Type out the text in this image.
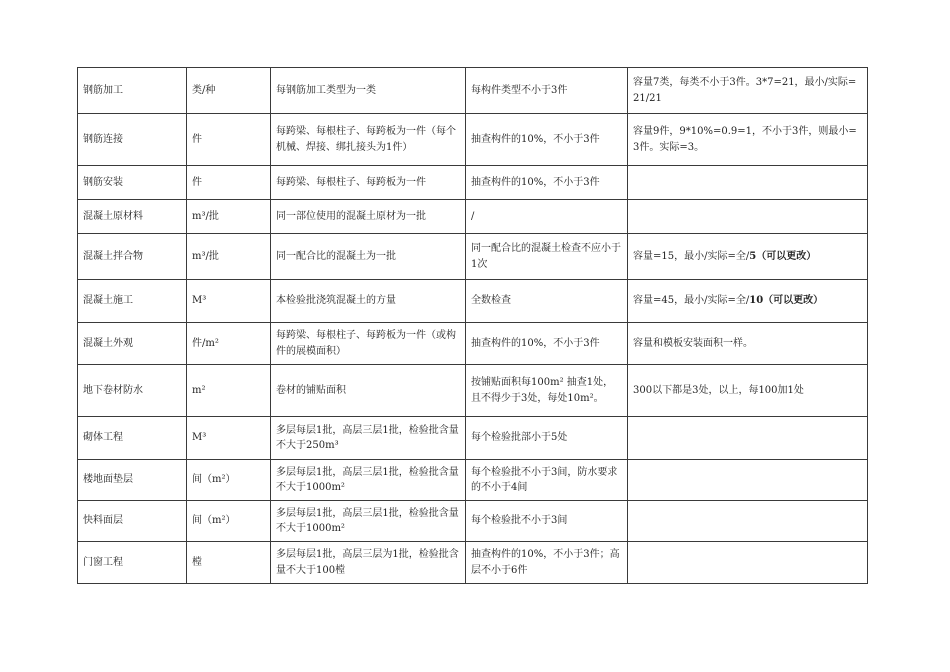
钢筋加工	类/种	每钢筋加工类型为一类	每构件类型不小于3件	容量7类，每类不小于3件。3*7=21，最小/实际=21/21
钢筋连接	件	每跨梁、每根柱子、每跨板为一件（每个机械、焊接、绑扎接头为1件）	抽查构件的10%，不小于3件	容量9件，9*10%=0.9=1，不小于3件，则最小=3件。实际=3。
钢筋安装	件	每跨梁、每根柱子、每跨板为一件	抽查构件的10%，不小于3件	
混凝土原材料	m³/批	同一部位使用的混凝土原材为一批	/	
混凝土拌合物	m³/批	同一配合比的混凝土为一批	同一配合比的混凝土检查不应小于1次	容量=15，最小/实际=全/5（可以更改）
混凝土施工	M³	本检验批浇筑混凝土的方量	全数检查	容量=45，最小/实际=全/10（可以更改）
混凝土外观	件/m²	每跨梁、每根柱子、每跨板为一件（或构件的展模面积）	抽查构件的10%，不小于3件	容量和模板安装面积一样。
地下卷材防水	m²	卷材的铺贴面积	按铺贴面积每100m² 抽查1处，且不得少于3处，每处10m²。	300以下都是3处，以上，每100加1处
砌体工程	M³	多层每层1批，高层三层1批，检验批含量不大于250m³	每个检验批部小于5处	
楼地面垫层	间（m²）	多层每层1批，高层三层1批，检验批含量不大于1000m²	每个检验批不小于3间，防水要求的不小于4间	
快料面层	间（m²）	多层每层1批，高层三层1批，检验批含量不大于1000m²	每个检验批不小于3间	
门窗工程	樘	多层每层1批，高层三层为1批，检验批含量不大于100樘	抽查构件的10%，不小于3件；高层不小于6件	
